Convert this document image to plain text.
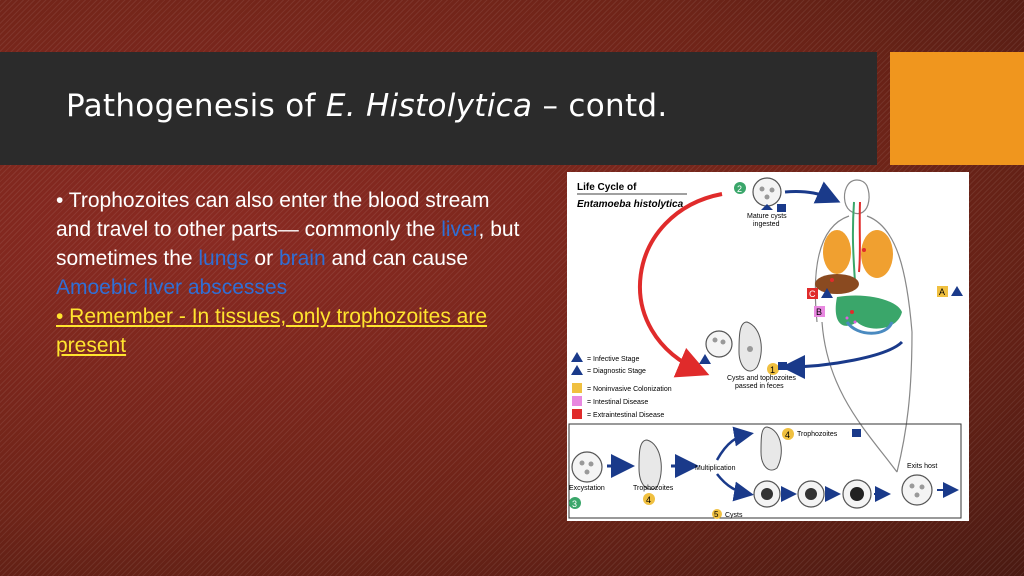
Pathogenesis of E. Histolytica – contd.
• Trophozoites can also enter the blood stream and travel to other parts— commonly the liver, but sometimes the lungs or brain and can cause Amoebic liver abscesses
• Remember - In tissues, only trophozoites are present
Life Cycle of
Entamoeba histolytica
2
Mature cysts
ingested
C
B
A
1
Cysts and tophozoites
passed in feces
= Infective Stage
= Diagnostic Stage
= Noninvasive Colonization
= Intestinal Disease
= Extraintestinal Disease
Excystation
3
Trophozoites
4
Multiplication
4 Trophozoites
Exits host
5 Cysts
